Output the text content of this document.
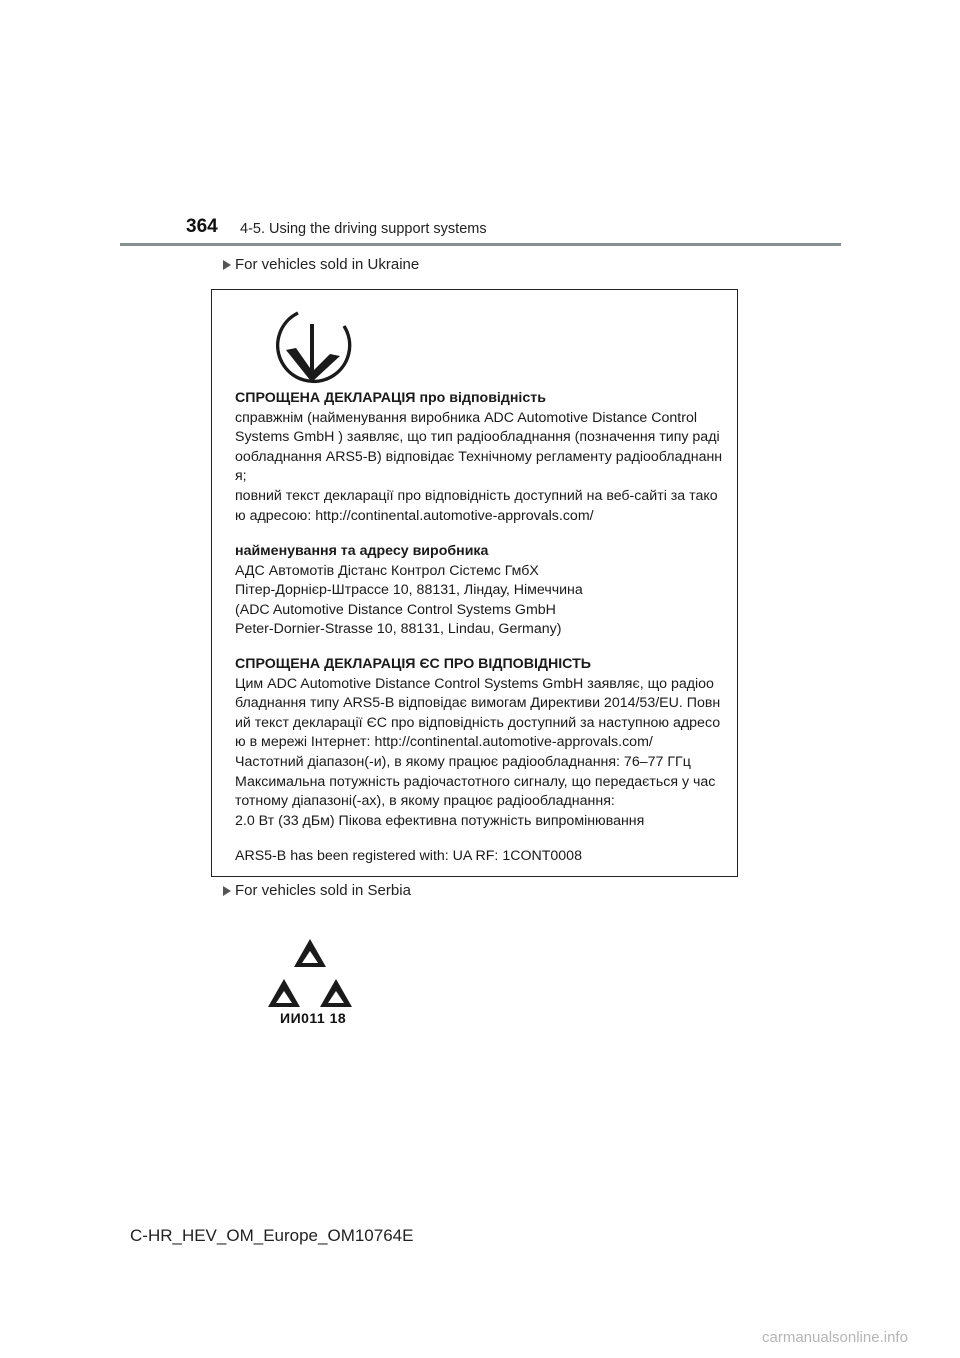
364 4-5. Using the driving support systems
For vehicles sold in Ukraine
СПРОЩЕНА ДЕКЛАРАЦІЯ про відповідність
справжнім (найменування виробника ADC Automotive Distance Control
Systems GmbH ) заявляє, що тип радіообладнання (позначення типу раді
ообладнання ARS5-B) відповідає Технічному регламенту радіообладнанн
я;
повний текст декларації про відповідність доступний на веб-сайті за тако
ю адресою: http://continental.automotive-approvals.com/
найменування та адресу виробника
АДС Автомотів Дістанс Контрол Сістемс ГмбХ
Пітер-Дорнієр-Штрассе 10, 88131, Ліндау, Німеччина
(ADC Automotive Distance Control Systems GmbH
Peter-Dornier-Strasse 10, 88131, Lindau, Germany)
СПРОЩЕНА ДЕКЛАРАЦІЯ ЄС ПРО ВІДПОВІДНІСТЬ
Цим ADC Automotive Distance Control Systems GmbH заявляє, що радіоо
бладнання типу ARS5-B відповідає вимогам Директиви 2014/53/EU. Повн
ий текст декларації ЄС про відповідність доступний за наступною адресо
ю в мережі Інтернет: http://continental.automotive-approvals.com/
Частотний діапазон(-и), в якому працює радіообладнання: 76–77 ГГц
Максимальна потужність радіочастотного сигналу, що передається у час
тотному діапазоні(-ах), в якому працює радіообладнання:
2.0 Вт (33 дБм) Пікова ефективна потужність випромінювання
ARS5-B has been registered with: UA RF: 1CONT0008
For vehicles sold in Serbia
ИИ011 18
C-HR_HEV_OM_Europe_OM10764E
carmanualsonline.info
